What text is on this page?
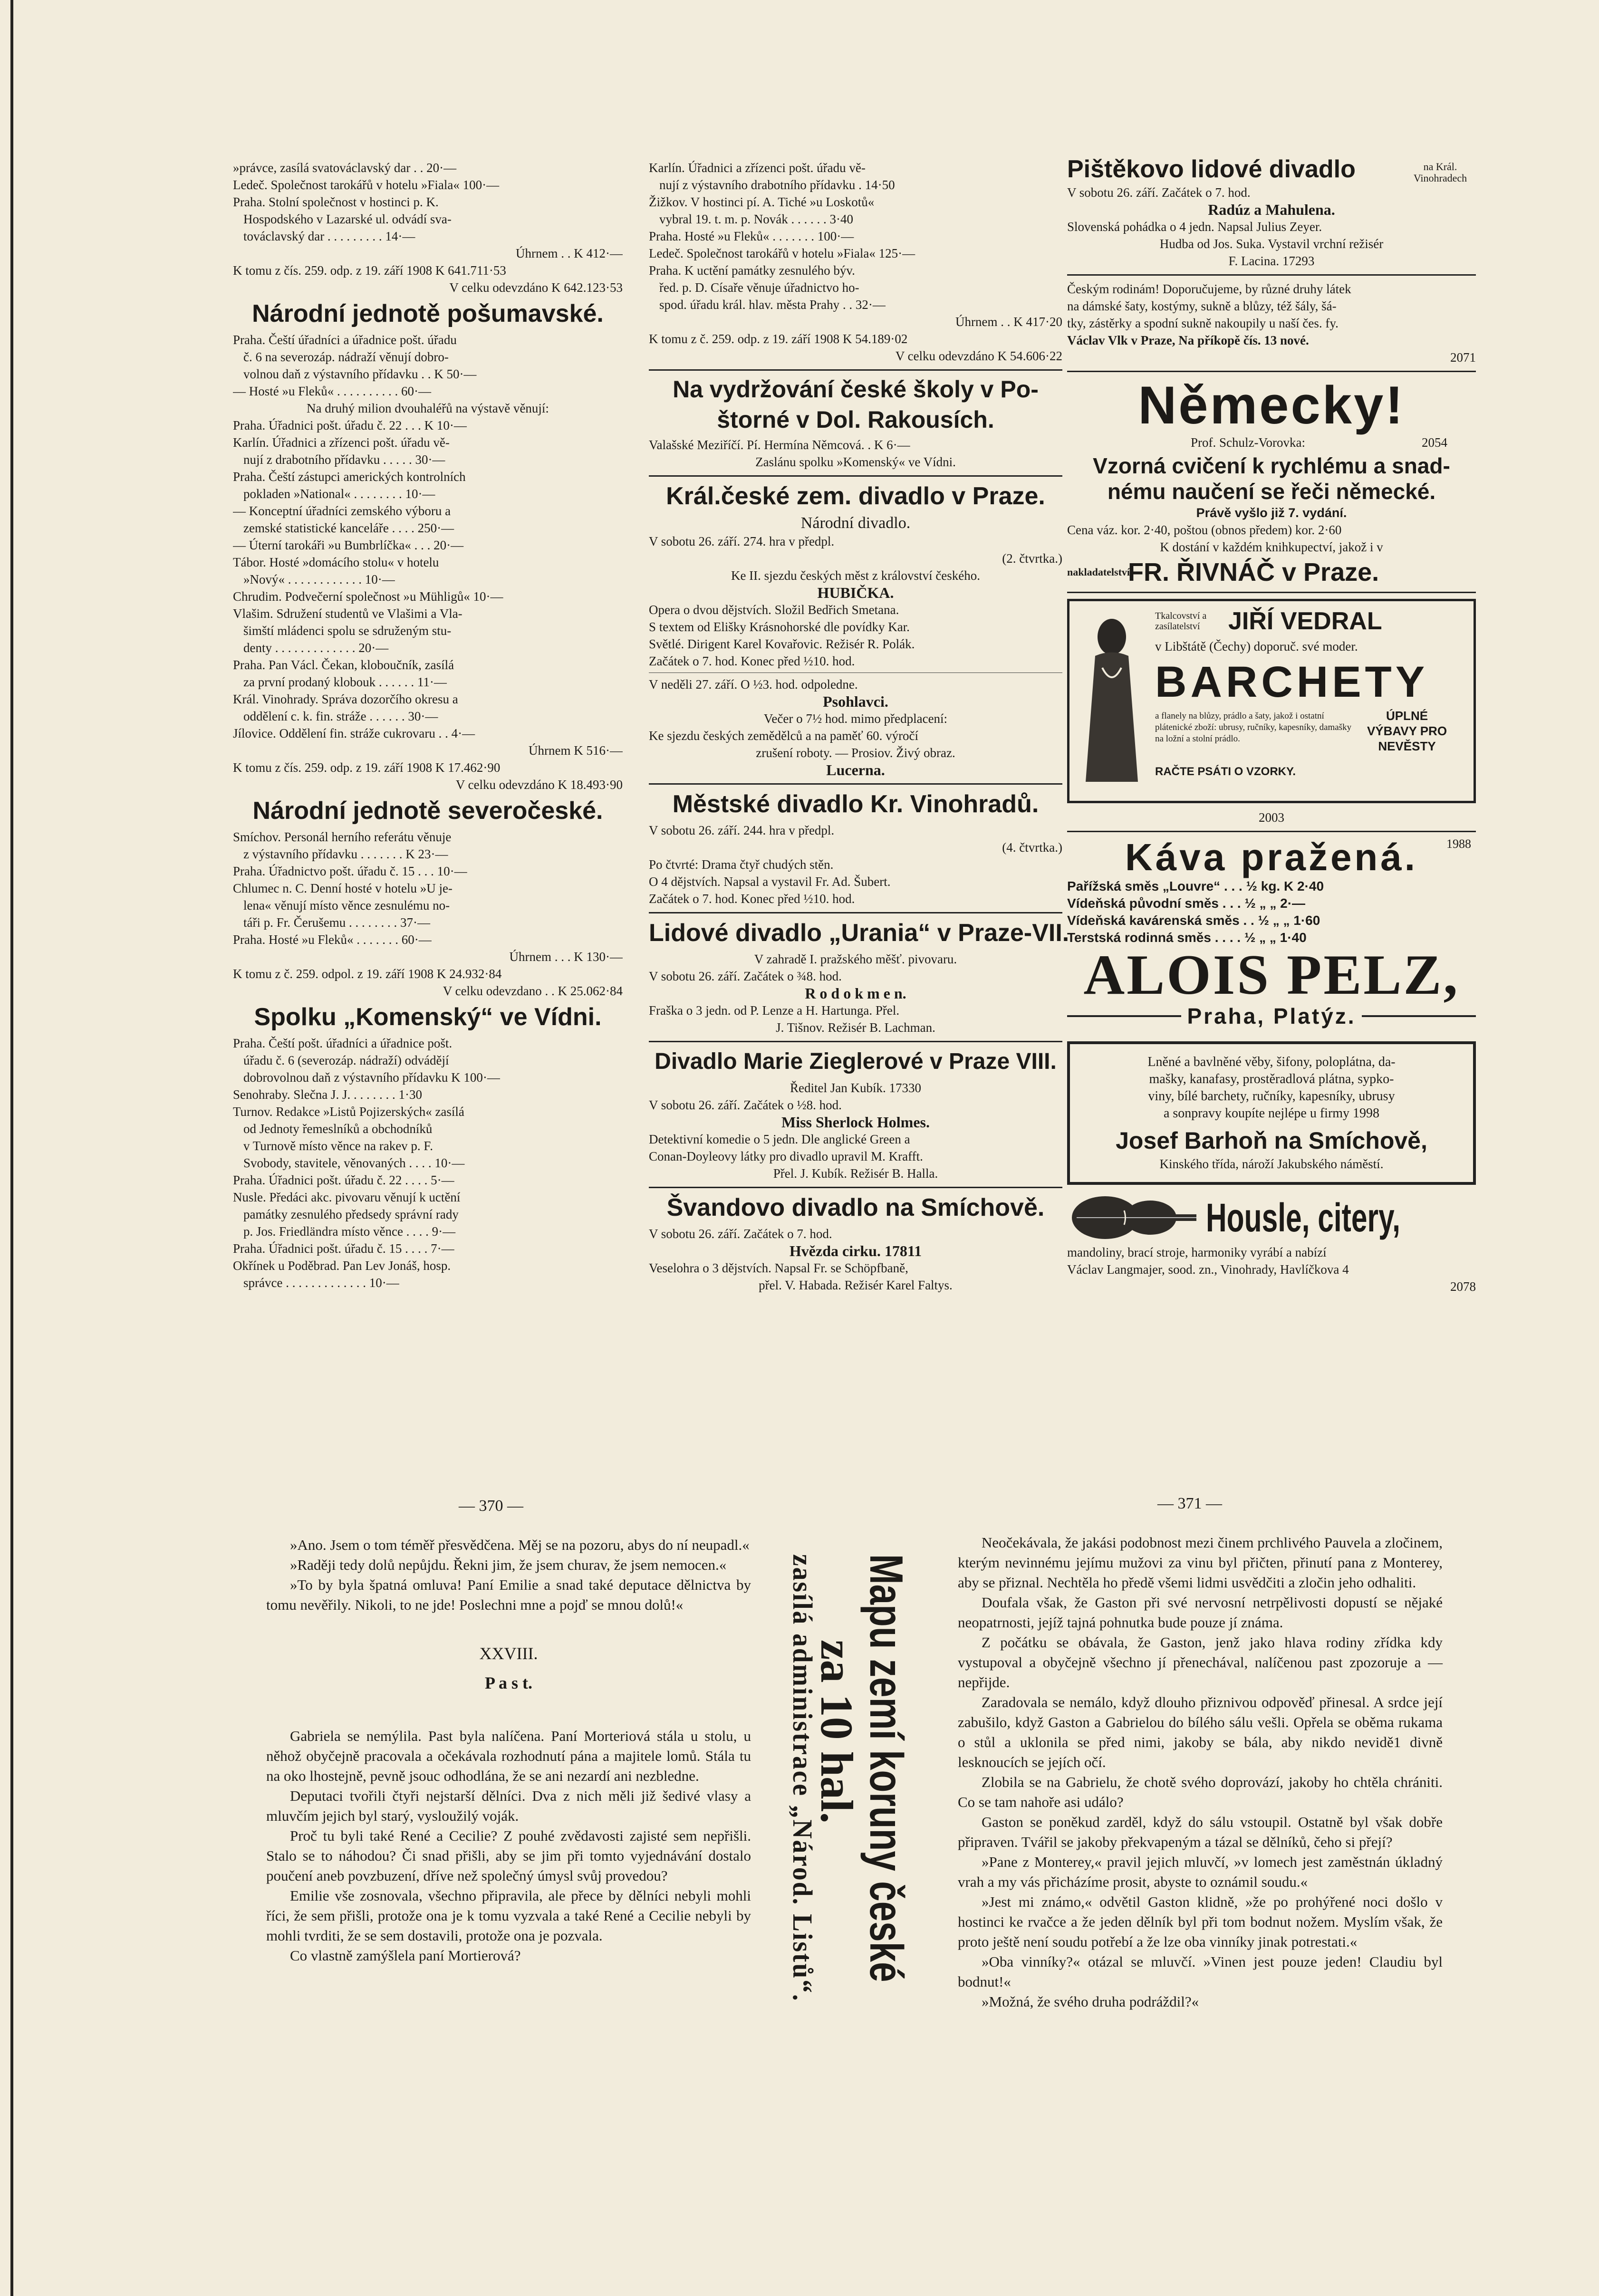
»právce, zasílá svatováclavský dar . . 20·—
Ledeč. Společnost tarokářů v hotelu »Fiala« 100·—
Praha. Stolní společnost v hostinci p. K.
Hospodského v Lazarské ul. odvádí sva-
továclavský dar . . . . . . . . . 14·—
Úhrnem . . K 412·—
K tomu z čís. 259. odp. z 19. září 1908 K 641.711·53
V celku odevzdáno K 642.123·53
Národní jednotě pošumavské.
Praha. Čeští úřadníci a úřadnice pošt. úřadu
č. 6 na severozáp. nádraží věnují dobro-
volnou daň z výstavního přídavku . . K 50·—
— Hosté »u Fleků« . . . . . . . . . . 60·—
Na druhý milion dvouhaléřů na výstavě věnují:
Praha. Úřadnici pošt. úřadu č. 22 . . . K 10·—
Karlín. Úřadnici a zřízenci pošt. úřadu vě-
nují z drabotního přídavku . . . . . 30·—
Praha. Čeští zástupci amerických kontrolních
pokladen »National« . . . . . . . . 10·—
— Konceptní úřadníci zemského výboru a
zemské statistické kanceláře . . . . 250·—
— Úterní tarokáři »u Bumbrlíčka« . . . 20·—
Tábor. Hosté »domácího stolu« v hotelu
»Nový« . . . . . . . . . . . . 10·—
Chrudim. Podvečerní společnost »u Mühligů« 10·—
Vlašim. Sdružení studentů ve Vlašimi a Vla-
šimští mládenci spolu se sdruženým stu-
denty . . . . . . . . . . . . . 20·—
Praha. Pan Václ. Čekan, kloboučník, zasílá
za první prodaný klobouk . . . . . . 11·—
Král. Vinohrady. Správa dozorčího okresu a
oddělení c. k. fin. stráže . . . . . . 30·—
Jílovice. Oddělení fin. stráže cukrovaru . . 4·—
Úhrnem K 516·—
K tomu z čís. 259. odp. z 19. září 1908 K 17.462·90
V celku odevzdáno K 18.493·90
Národní jednotě severočeské.
Smíchov. Personál herního referátu věnuje
z výstavního přídavku . . . . . . . K 23·—
Praha. Úřadnictvo pošt. úřadu č. 15 . . . 10·—
Chlumec n. C. Denní hosté v hotelu »U je-
lena« věnují místo věnce zesnulému no-
táři p. Fr. Čerušemu . . . . . . . . 37·—
Praha. Hosté »u Fleků« . . . . . . . 60·—
Úhrnem . . . K 130·—
K tomu z č. 259. odpol. z 19. září 1908 K 24.932·84
V celku odevzdano . . K 25.062·84
Spolku „Komenský“ ve Vídni.
Praha. Čeští pošt. úřadníci a úřadnice pošt.
úřadu č. 6 (severozáp. nádraží) odvádějí
dobrovolnou daň z výstavního přídavku K 100·—
Senohraby. Slečna J. J. . . . . . . . 1·30
Turnov. Redakce »Listů Pojizerských« zasílá
od Jednoty řemeslníků a obchodníků
v Turnově místo věnce na rakev p. F.
Svobody, stavitele, věnovaných . . . . 10·—
Praha. Úřadnici pošt. úřadu č. 22 . . . . 5·—
Nusle. Předáci akc. pivovaru věnují k uctění
památky zesnulého předsedy správní rady
p. Jos. Friedländra místo věnce . . . . 9·—
Praha. Úřadnici pošt. úřadu č. 15 . . . . 7·—
Okřínek u Poděbrad. Pan Lev Jonáš, hosp.
správce . . . . . . . . . . . . . 10·—
Karlín. Úřadnici a zřízenci pošt. úřadu vě-
nují z výstavního drabotního přídavku . 14·50
Žižkov. V hostinci pí. A. Tiché »u Loskotů«
vybral 19. t. m. p. Novák . . . . . . 3·40
Praha. Hosté »u Fleků« . . . . . . . 100·—
Ledeč. Společnost tarokářů v hotelu »Fiala« 125·—
Praha. K uctění památky zesnulého býv.
řed. p. D. Císaře věnuje úřadnictvo ho-
spod. úřadu král. hlav. města Prahy . . 32·—
Úhrnem . . K 417·20
K tomu z č. 259. odp. z 19. září 1908 K 54.189·02
V celku odevzdáno K 54.606·22
Na vydržování české školy v Po-
štorné v Dol. Rakousích.
Valašské Meziříčí. Pí. Hermína Němcová. . K 6·—
Zaslánu spolku »Komenský« ve Vídni.
Král.české zem. divadlo v Praze.
Národní divadlo.
V sobotu 26. září. 274. hra v předpl.
(2. čtvrtka.)
Ke II. sjezdu českých měst z království českého.
HUBIČKA.
Opera o dvou dějstvích. Složil Bedřich Smetana.
S textem od Elišky Krásnohorské dle povídky Kar.
Světlé. Dirigent Karel Kovařovic. Režisér R. Polák.
Začátek o 7. hod. Konec před ½10. hod.
V neděli 27. září. O ½3. hod. odpoledne.
Psohlavci.
Večer o 7½ hod. mimo předplacení:
Ke sjezdu českých zemědělců a na paměť 60. výročí
zrušení roboty. — Prosiov. Živý obraz.
Lucerna.
Městské divadlo Kr. Vinohradů.
V sobotu 26. září. 244. hra v předpl.
(4. čtvrtka.)
Po čtvrté: Drama čtyř chudých stěn.
O 4 dějstvích. Napsal a vystavil Fr. Ad. Šubert.
Začátek o 7. hod. Konec před ½10. hod.
Lidové divadlo „Urania“ v Praze-VII.
V zahradě I. pražského měšť. pivovaru.
V sobotu 26. září. Začátek o ¾8. hod.
R o d o k m e n.
Fraška o 3 jedn. od P. Lenze a H. Hartunga. Přel.
J. Tišnov. Režisér B. Lachman.
Divadlo Marie Zieglerové v Praze VIII.
Ředitel Jan Kubík. 17330
V sobotu 26. září. Začátek o ½8. hod.
Miss Sherlock Holmes.
Detektivní komedie o 5 jedn. Dle anglické Green a
Conan-Doyleovy látky pro divadlo upravil M. Krafft.
Přel. J. Kubík. Režisér B. Halla.
Švandovo divadlo na Smíchově.
V sobotu 26. září. Začátek o 7. hod.
Hvězda cirku. 17811
Veselohra o 3 dějstvích. Napsal Fr. se Schöpfbaně,
přel. V. Habada. Režisér Karel Faltys.
Pištěkovo lidové divadlo	na Král. Vinohradech
V sobotu 26. září. Začátek o 7. hod.
Radúz a Mahulena.
Slovenská pohádka o 4 jedn. Napsal Julius Zeyer.
Hudba od Jos. Suka. Vystavil vrchní režisér
F. Lacina. 17293
Českým rodinám! Doporučujeme, by různé druhy látek
na dámské šaty, kostýmy, sukně a blůzy, též šály, šá-
tky, zástěrky a spodní sukně nakoupily u naší čes. fy.
Václav Vlk v Praze, Na příkopě čís. 13 nové.
2071
Německy!
Prof. Schulz-Vorovka:	2054
Vzorná cvičení k rychlému a snad-
nému naučení se řeči německé.
Právě vyšlo již 7. vydání.
Cena váz. kor. 2·40, poštou (obnos předem) kor. 2·60
K dostání v každém knihkupectví, jakož i v
nakladatelství
FR. ŘIVNÁČ v Praze.
Tkalcovství a zasílatelství	JIŘÍ VEDRAL
v Libštátě (Čechy) doporuč. své moder.
BARCHETY
a flanely na blůzy, prádlo a šaty, jakož i ostatní plátenické zboží: ubrusy, ručníky, kapesníky, damašky na ložní a stolní prádlo.
ÚPLNÉ VÝBAVY PRO NEVĚSTY
RAČTE PSÁTI O VZORKY.
2003
Káva pražená.	1988
Pařížská směs „Louvre“ . . . ½ kg. K 2·40
Vídeňská původní směs . . . ½ „ „ 2·—
Vídeňská kavárenská směs . . ½ „ „ 1·60
Terstská rodinná směs . . . . ½ „ „ 1·40
ALOIS PELZ,
Praha, Platýz.
Lněné a bavlněné věby, šifony, poloplátna, da-
mašky, kanafasy, prostěradlová plátna, sypko-
viny, bílé barchety, ručníky, kapesníky, ubrusy
a sonpravy koupíte nejlépe u firmy 1998
Josef Barhoň na Smíchově,
Kinského třída, nároží Jakubského náměstí.
Housle, citery,
mandoliny, brací stroje, harmoniky vyrábí a nabízí
Václav Langmajer, sood. zn., Vinohrady, Havlíčkova 4
2078
— 370 —	— 371 —

»Ano. Jsem o tom téměř přesvědčena. Měj se na pozoru, abys do ní neupadl.«

»Raději tedy dolů nepůjdu. Řekni jim, že jsem churav, že jsem nemocen.«

»To by byla špatná omluva! Paní Emilie a snad také deputace dělnictva by tomu nevěřily. Nikoli, to ne jde! Poslechni mne a pojď se mnou dolů!«

XXVIII.
P a s t.

Gabriela se nemýlila. Past byla nalíčena. Paní Morteriová stála u stolu, u něhož obyčejně pracovala a očekávala rozhodnutí pána a majitele lomů. Stála tu na oko lhostejně, pevně jsouc odhodlána, že se ani nezardí ani nezbledne.

Deputaci tvořili čtyři nejstarší dělníci. Dva z nich měli již šedivé vlasy a mluvčím jejich byl starý, vysloužilý voják.

Proč tu byli také René a Cecilie? Z pouhé zvědavosti zajisté sem nepřišli. Stalo se to náhodou? Či snad přišli, aby se jim při tomto vyjednávání dostalo poučení aneb povzbuzení, dříve než společný úmysl svůj provedou?

Emilie vše zosnovala, všechno připravila, ale přece by dělníci nebyli mohli říci, že sem přišli, protože ona je k tomu vyzvala a také René a Cecilie nebyli by mohli tvrditi, že se sem dostavili, protože ona je pozvala.

Co vlastně zamýšlela paní Mortierová?	Mapu zemí koruny české
za 10 hal.
zasílá administrace „Národ. Listů“.

Neočekávala, že jakási podobnost mezi činem prchlivého Pauvela a zločinem, kterým nevinnému jejímu mužovi za vinu byl přičten, přinutí pana z Monterey, aby se přiznal. Nechtěla ho předě všemi lidmi usvědčiti a zločin jeho odhaliti.

Doufala však, že Gaston při své nervosní netrpělivosti dopustí se nějaké neopatrnosti, jejíž tajná pohnutka bude pouze jí známa.

Z počátku se obávala, že Gaston, jenž jako hlava rodiny zřídka kdy vystupoval a obyčejně všechno jí přenechával, nalíčenou past zpozoruje a — nepřijde.

Zaradovala se nemálo, když dlouho přiznivou odpověď přinesal. A srdce její zabušilo, když Gaston a Gabrielou do bílého sálu vešli. Opřela se oběma rukama o stůl a uklonila se před nimi, jakoby se bála, aby nikdo nevidě1 divně lesknoucích se jejích očí.

Zlobila se na Gabrielu, že chotě svého doprovází, jakoby ho chtěla chrániti. Co se tam nahoře asi událo?

Gaston se poněkud zarděl, když do sálu vstoupil. Ostatně byl však dobře připraven. Tvářil se jakoby překvapeným a tázal se dělníků, čeho si přejí?

»Pane z Monterey,« pravil jejich mluvčí, »v lomech jest zaměstnán úkladný vrah a my vás přicházíme prosit, abyste to oznámil soudu.«

»Jest mi známo,« odvětil Gaston klidně, »že po prohýřené noci došlo v hostinci ke rvačce a že jeden dělník byl při tom bodnut nožem. Myslím však, že proto ještě není soudu potřebí a že lze oba vinníky jinak potrestati.«

»Oba vinníky?« otázal se mluvčí. »Vinen jest pouze jeden! Claudiu byl bodnut!«

»Možná, že svého druha podráždil?«
